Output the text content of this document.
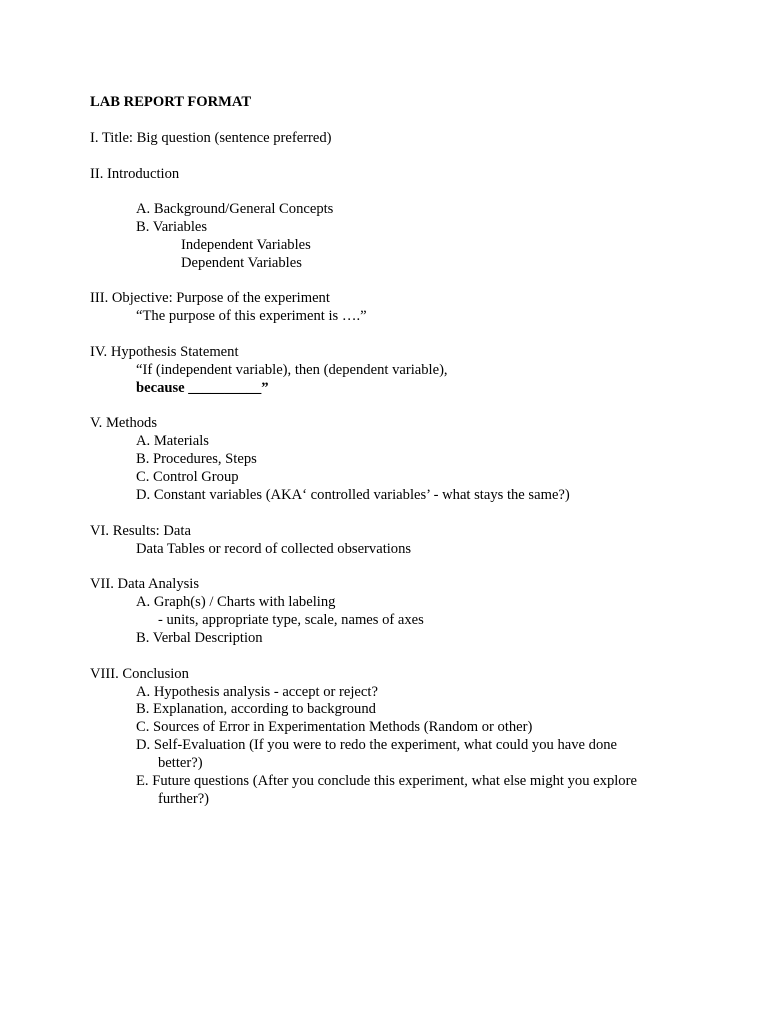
LAB REPORT FORMAT
I. Title: Big question (sentence preferred)
II. Introduction
A. Background/General Concepts
B. Variables
Independent Variables
Dependent Variables
III. Objective: Purpose of the experiment
“The purpose of this experiment is ….”
IV. Hypothesis Statement
“If (independent variable), then (dependent variable),
because __________”
V. Methods
A. Materials
B. Procedures, Steps
C. Control Group
D. Constant variables (AKA‘ controlled variables’ - what stays the same?)
VI. Results: Data
Data Tables or record of collected observations
VII. Data Analysis
A. Graph(s) / Charts with labeling
- units, appropriate type, scale, names of axes
B. Verbal Description
VIII. Conclusion
A. Hypothesis analysis - accept or reject?
B. Explanation, according to background
C. Sources of Error in Experimentation Methods (Random or other)
D. Self-Evaluation (If you were to redo the experiment, what could you have done
better?)
E. Future questions (After you conclude this experiment, what else might you explore
further?)
